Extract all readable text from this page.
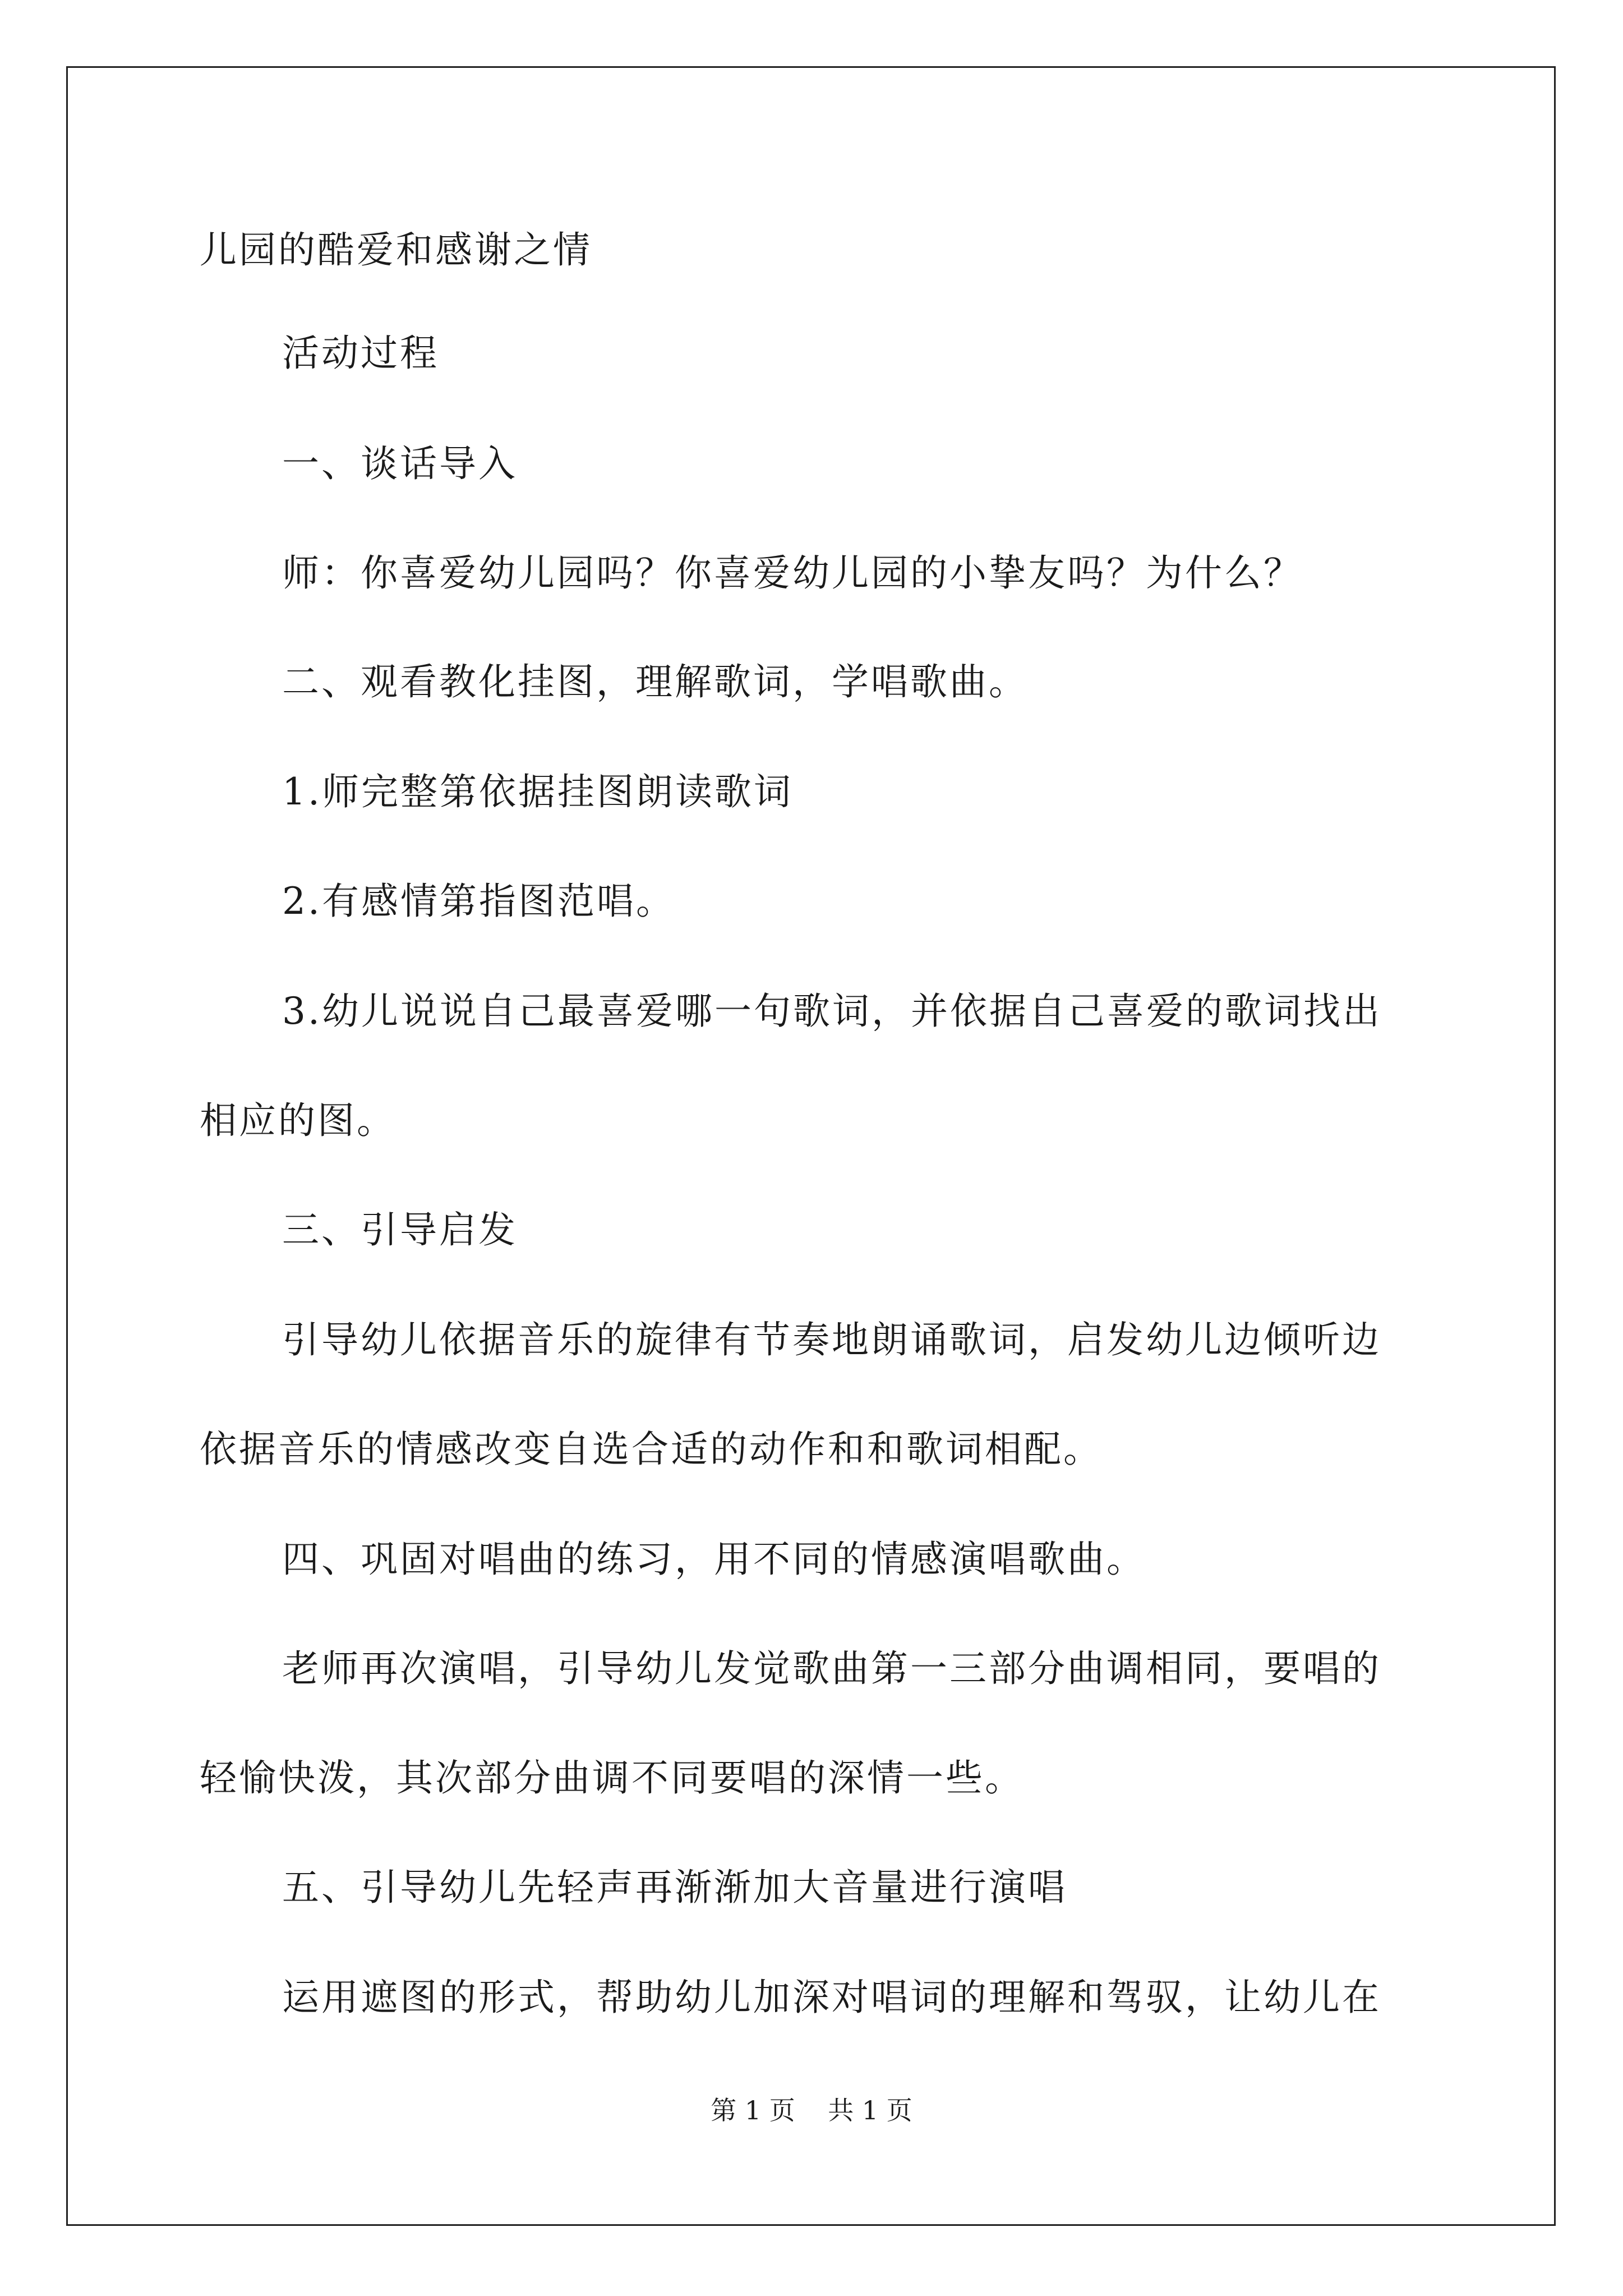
儿园的酷爱和感谢之情
活动过程
一、谈话导入
师：你喜爱幼儿园吗？你喜爱幼儿园的小挚友吗？为什么？
二、观看教化挂图，理解歌词，学唱歌曲。
1.师完整第依据挂图朗读歌词
2.有感情第指图范唱。
3.幼儿说说自己最喜爱哪一句歌词，并依据自己喜爱的歌词找出
相应的图。
三、引导启发
引导幼儿依据音乐的旋律有节奏地朗诵歌词，启发幼儿边倾听边
依据音乐的情感改变自选合适的动作和和歌词相配。
四、巩固对唱曲的练习，用不同的情感演唱歌曲。
老师再次演唱，引导幼儿发觉歌曲第一三部分曲调相同，要唱的
轻愉快泼，其次部分曲调不同要唱的深情一些。
五、引导幼儿先轻声再渐渐加大音量进行演唱
运用遮图的形式，帮助幼儿加深对唱词的理解和驾驭，让幼儿在
第 1 页    共 1 页
